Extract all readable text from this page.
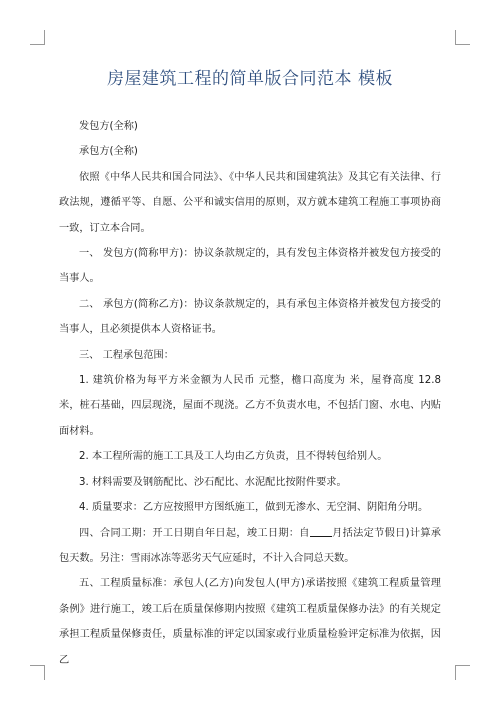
房屋建筑工程的简单版合同范本 模板

发包方(全称)

承包方(全称)

依照《中华人民共和国合同法》、《中华人民共和国建筑法》及其它有关法律、行政法规，遵循平等、自愿、公平和诚实信用的原则，双方就本建筑工程施工事项协商一致，订立本合同。

一、 发包方(简称甲方)：协议条款规定的，具有发包主体资格并被发包方接受的当事人。

二、 承包方(简称乙方)：协议条款规定的，具有承包主体资格并被发包方接受的当事人，且必须提供本人资格证书。

三、 工程承包范围：

1. 建筑价格为每平方米金额为人民币 元整，檐口高度为 米，屋脊高度 12.8 米，桩石基础，四层现浇，屋面不现浇。乙方不负责水电，不包括门窗、水电、内贴面材料。

2. 本工程所需的施工工具及工人均由乙方负责，且不得转包给别人。

3. 材料需要及钢筋配比、沙石配比、水泥配比按附件要求。

4. 质量要求：乙方应按照甲方图纸施工，做到无渗水、无空洞、阴阳角分明。

四、合同工期：开工日期自年日起，竣工日期：自 月括法定节假日)计算承包天数。另注：雪雨冰冻等恶劣天气应延时，不计入合同总天数。

五、工程质量标准：承包人(乙方)向发包人(甲方)承诺按照《建筑工程质量管理条例》进行施工，竣工后在质量保修期内按照《建筑工程质量保修办法》的有关规定承担工程质量保修责任，质量标准的评定以国家或行业质量检验评定标准为依据，因乙
